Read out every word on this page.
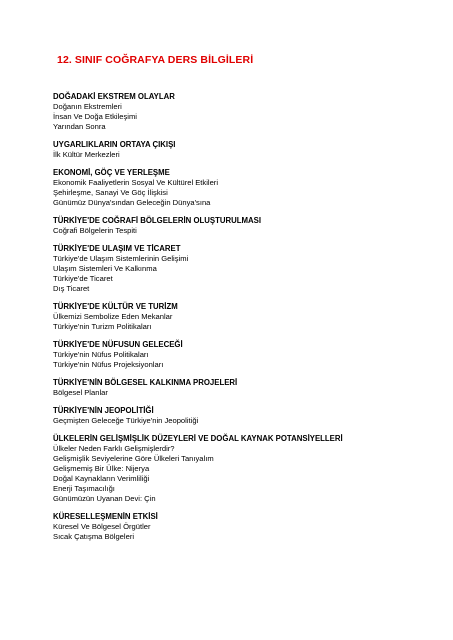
12. SINIF COĞRAFYA DERS BİLGİLERİ
DOĞADAKİ EKSTREM OLAYLAR
Doğanın Ekstremleri
İnsan Ve Doğa Etkileşimi
Yarından Sonra
UYGARLIKLARIN ORTAYA ÇIKIŞI
İlk Kültür Merkezleri
EKONOMİ, GÖÇ VE YERLEŞME
Ekonomik Faaliyetlerin Sosyal Ve Kültürel Etkileri
Şehirleşme, Sanayi Ve Göç İlişkisi
Günümüz Dünya'sından Geleceğin Dünya'sına
TÜRKİYE'DE COĞRAFİ BÖLGELERİN OLUŞTURULMASI
Coğrafi Bölgelerin Tespiti
TÜRKİYE'DE ULAŞIM VE TİCARET
Türkiye'de Ulaşım Sistemlerinin Gelişimi
Ulaşım Sistemleri Ve Kalkınma
Türkiye'de Ticaret
Dış Ticaret
TÜRKİYE'DE KÜLTÜR VE TURİZM
Ülkemizi Sembolize Eden Mekanlar
Türkiye'nin Turizm Politikaları
TÜRKİYE'DE NÜFUSUN GELECEĞİ
Türkiye'nin Nüfus Politikaları
Türkiye'nin Nüfus Projeksiyonları
TÜRKİYE'NİN BÖLGESEL KALKINMA PROJELERİ
Bölgesel Planlar
TÜRKİYE'NİN JEOPOLİTİĞİ
Geçmişten Geleceğe Türkiye'nin Jeopolitiği
ÜLKELERİN GELİŞMİŞLİK DÜZEYLERİ VE DOĞAL KAYNAK POTANSİYELLERİ
Ülkeler Neden Farklı Gelişmişlerdir?
Gelişmişlik Seviyelerine Göre Ülkeleri Tanıyalım
Gelişmemiş Bir Ülke: Nijerya
Doğal Kaynakların Verimliliği
Enerji Taşımacılığı
Günümüzün Uyanan Devi: Çin
KÜRESELLEŞMENİN ETKİSİ
Küresel Ve Bölgesel Örgütler
Sıcak Çatışma Bölgeleri
